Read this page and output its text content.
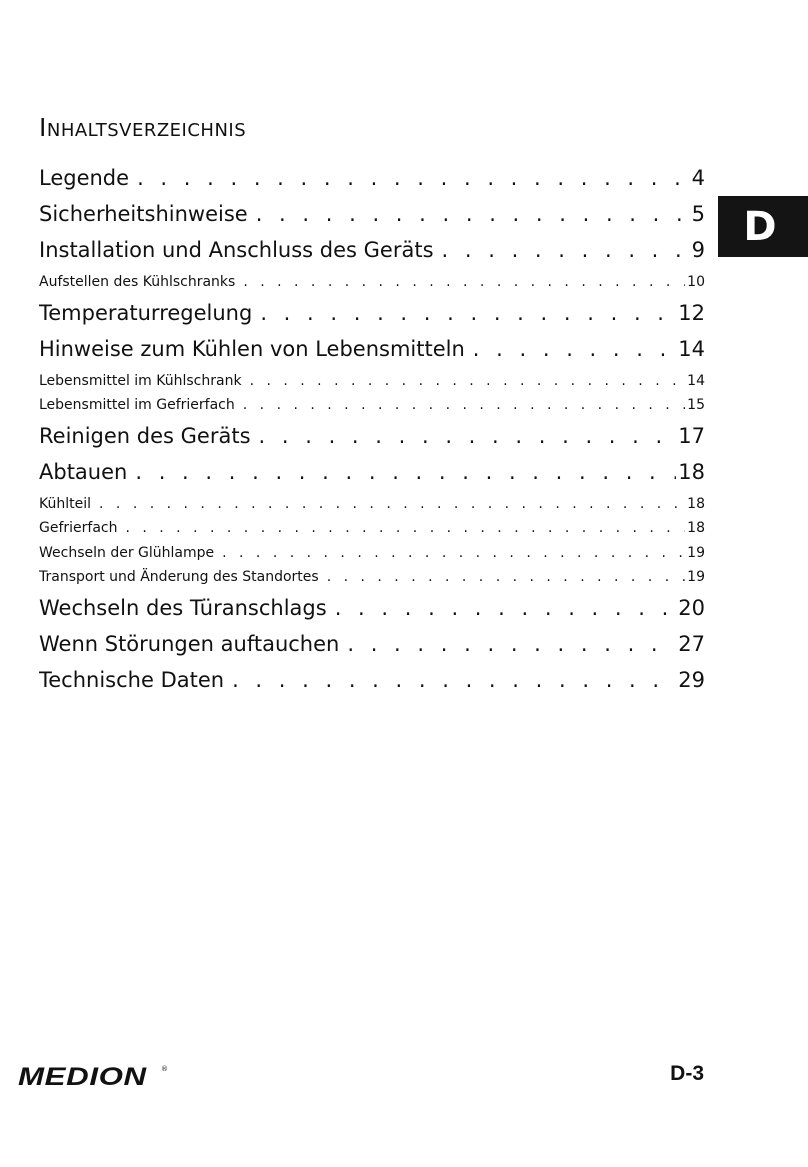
Inhaltsverzeichnis
Legende . . .	4
Sicherheitshinweise . . .	5
Installation und Anschluss des Geräts . . .	9
Aufstellen des Kühlschranks . . .	10
Temperaturregelung . . .	12
Hinweise zum Kühlen von Lebensmitteln . . .	14
Lebensmittel im Kühlschrank . . .	14
Lebensmittel im Gefrierfach . . .	15
Reinigen des Geräts . . .	17
Abtauen . . .	18
Kühlteil . . .	18
Gefrierfach . . .	18
Wechseln der Glühlampe . . .	19
Transport und Änderung des Standortes . . .	19
Wechseln des Türanschlags . . .	20
Wenn Störungen auftauchen . . .	27
Technische Daten . . .	29
D
MEDION ®	D-3
